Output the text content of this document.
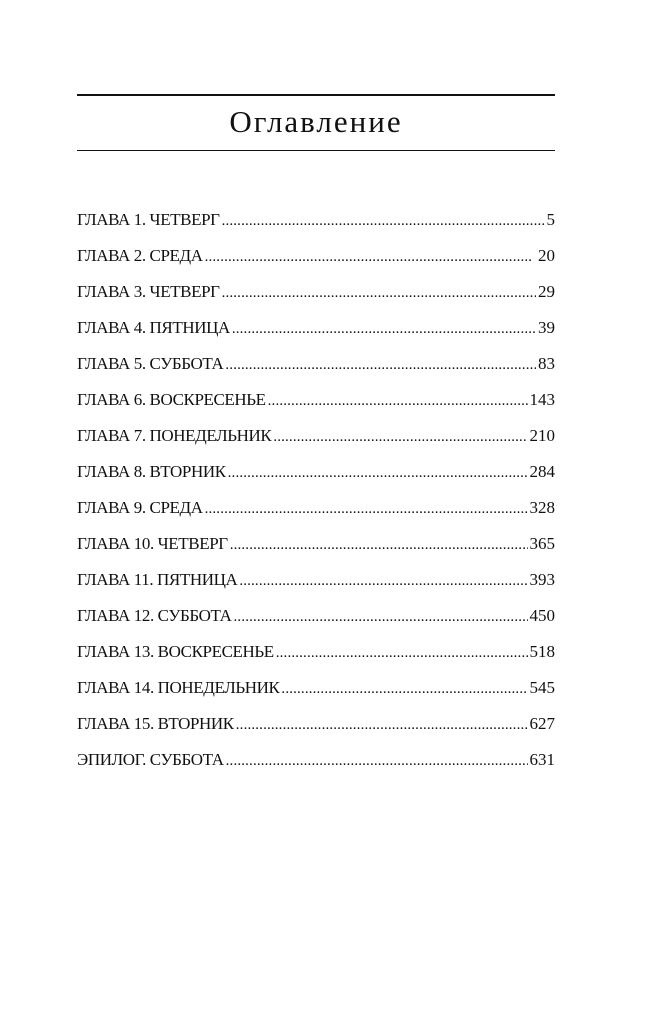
Оглавление
ГЛАВА 1. ЧЕТВЕРГ . . .	5
ГЛАВА 2. СРЕДА . . .	20
ГЛАВА 3. ЧЕТВЕРГ . . .	29
ГЛАВА 4. ПЯТНИЦА . . .	39
ГЛАВА 5. СУББОТА . . .	83
ГЛАВА 6. ВОСКРЕСЕНЬЕ . . .	143
ГЛАВА 7. ПОНЕДЕЛЬНИК . . .	210
ГЛАВА 8. ВТОРНИК . . .	284
ГЛАВА 9. СРЕДА . . .	328
ГЛАВА 10. ЧЕТВЕРГ . . .	365
ГЛАВА 11. ПЯТНИЦА . . .	393
ГЛАВА 12. СУББОТА . . .	450
ГЛАВА 13. ВОСКРЕСЕНЬЕ . . .	518
ГЛАВА 14. ПОНЕДЕЛЬНИК . . .	545
ГЛАВА 15. ВТОРНИК . . .	627
ЭПИЛОГ. СУББОТА . . .	631
